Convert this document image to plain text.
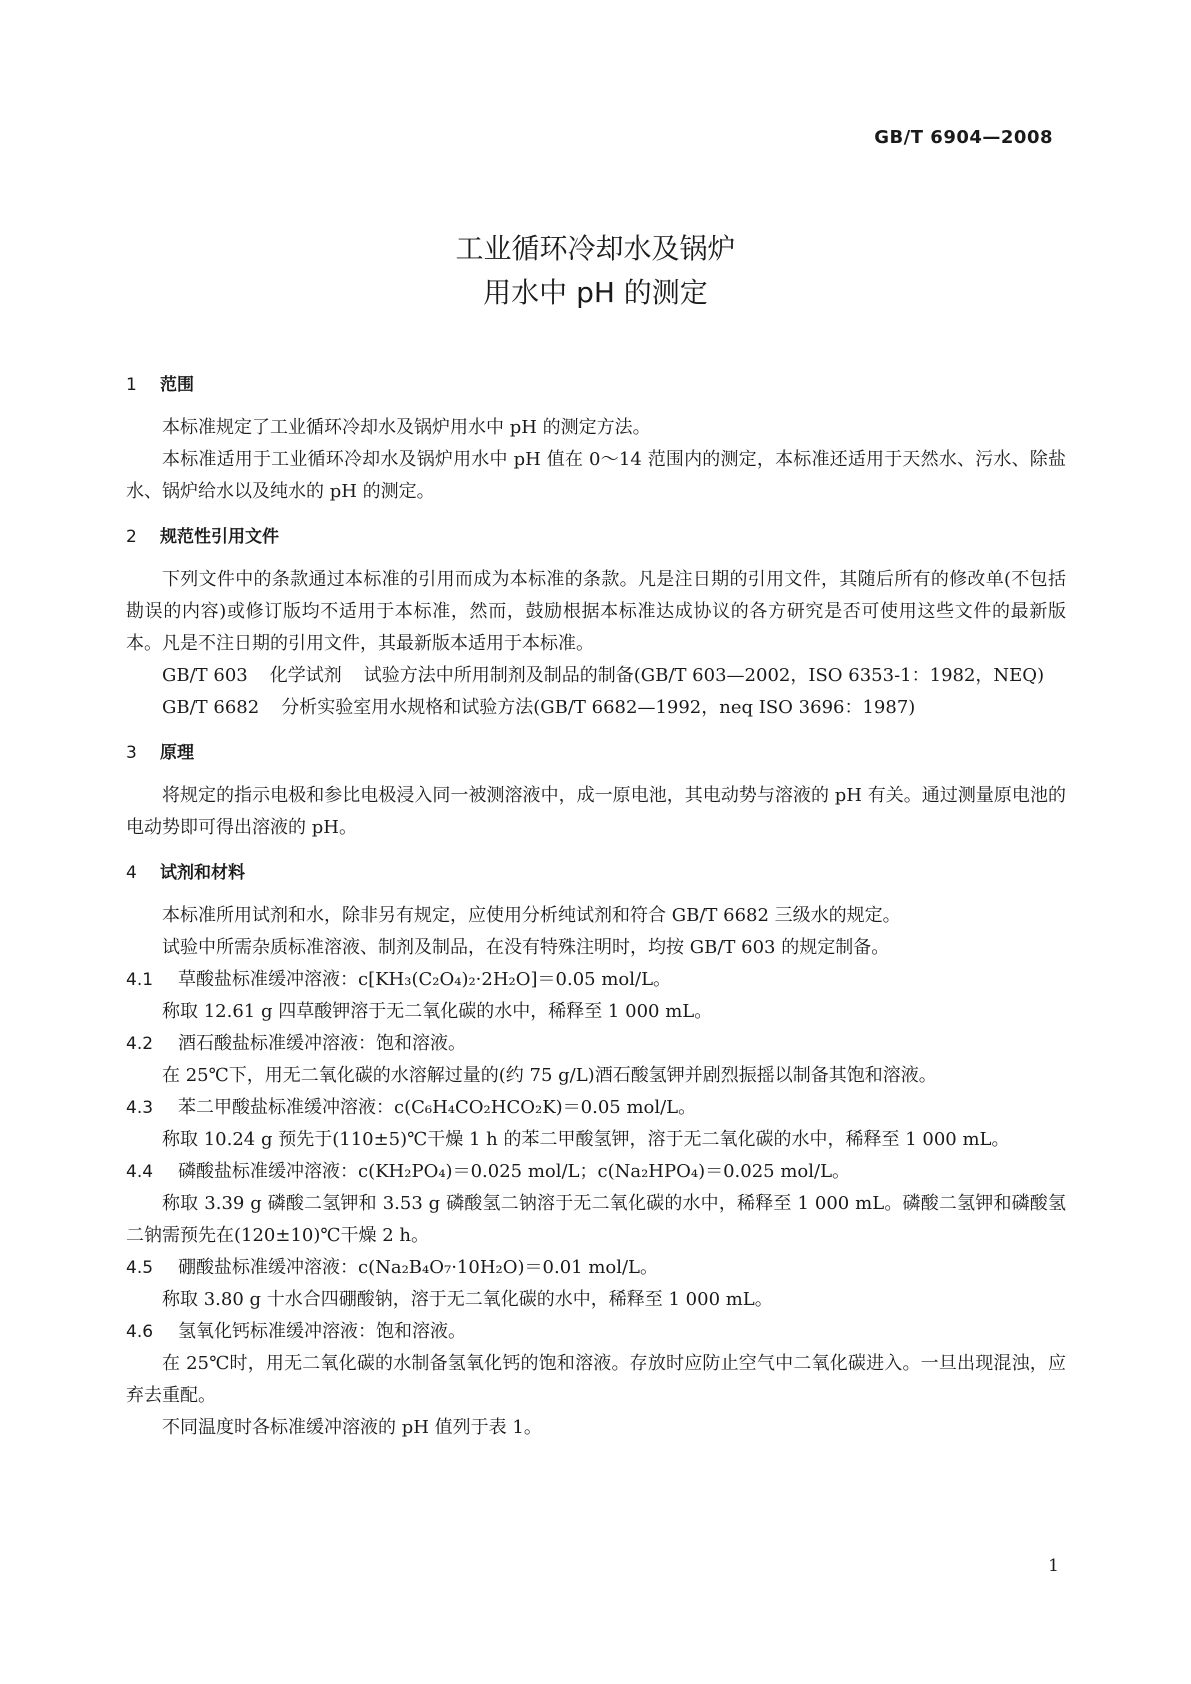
GB/T 6904—2008
工业循环冷却水及锅炉
用水中 pH 的测定
1 范围

本标准规定了工业循环冷却水及锅炉用水中 pH 的测定方法。

本标准适用于工业循环冷却水及锅炉用水中 pH 值在 0～14 范围内的测定，本标准还适用于天然水、污水、除盐水、锅炉给水以及纯水的 pH 的测定。

2 规范性引用文件

下列文件中的条款通过本标准的引用而成为本标准的条款。凡是注日期的引用文件，其随后所有的修改单(不包括勘误的内容)或修订版均不适用于本标准，然而，鼓励根据本标准达成协议的各方研究是否可使用这些文件的最新版本。凡是不注日期的引用文件，其最新版本适用于本标准。

GB/T 603 化学试剂 试验方法中所用制剂及制品的制备(GB/T 603—2002，ISO 6353-1：1982，NEQ)

GB/T 6682 分析实验室用水规格和试验方法(GB/T 6682—1992，neq ISO 3696：1987)

3 原理

将规定的指示电极和参比电极浸入同一被测溶液中，成一原电池，其电动势与溶液的 pH 有关。通过测量原电池的电动势即可得出溶液的 pH。

4 试剂和材料

本标准所用试剂和水，除非另有规定，应使用分析纯试剂和符合 GB/T 6682 三级水的规定。

试验中所需杂质标准溶液、制剂及制品，在没有特殊注明时，均按 GB/T 603 的规定制备。

4.1 草酸盐标准缓冲溶液：c[KH₃(C₂O₄)₂·2H₂O]＝0.05 mol/L。

称取 12.61 g 四草酸钾溶于无二氧化碳的水中，稀释至 1 000 mL。

4.2 酒石酸盐标准缓冲溶液：饱和溶液。

在 25℃下，用无二氧化碳的水溶解过量的(约 75 g/L)酒石酸氢钾并剧烈振摇以制备其饱和溶液。

4.3 苯二甲酸盐标准缓冲溶液：c(C₆H₄CO₂HCO₂K)＝0.05 mol/L。

称取 10.24 g 预先于(110±5)℃干燥 1 h 的苯二甲酸氢钾，溶于无二氧化碳的水中，稀释至 1 000 mL。

4.4 磷酸盐标准缓冲溶液：c(KH₂PO₄)＝0.025 mol/L；c(Na₂HPO₄)＝0.025 mol/L。

称取 3.39 g 磷酸二氢钾和 3.53 g 磷酸氢二钠溶于无二氧化碳的水中，稀释至 1 000 mL。磷酸二氢钾和磷酸氢二钠需预先在(120±10)℃干燥 2 h。

4.5 硼酸盐标准缓冲溶液：c(Na₂B₄O₇·10H₂O)＝0.01 mol/L。

称取 3.80 g 十水合四硼酸钠，溶于无二氧化碳的水中，稀释至 1 000 mL。

4.6 氢氧化钙标准缓冲溶液：饱和溶液。

在 25℃时，用无二氧化碳的水制备氢氧化钙的饱和溶液。存放时应防止空气中二氧化碳进入。一旦出现混浊，应弃去重配。

不同温度时各标准缓冲溶液的 pH 值列于表 1。

1
